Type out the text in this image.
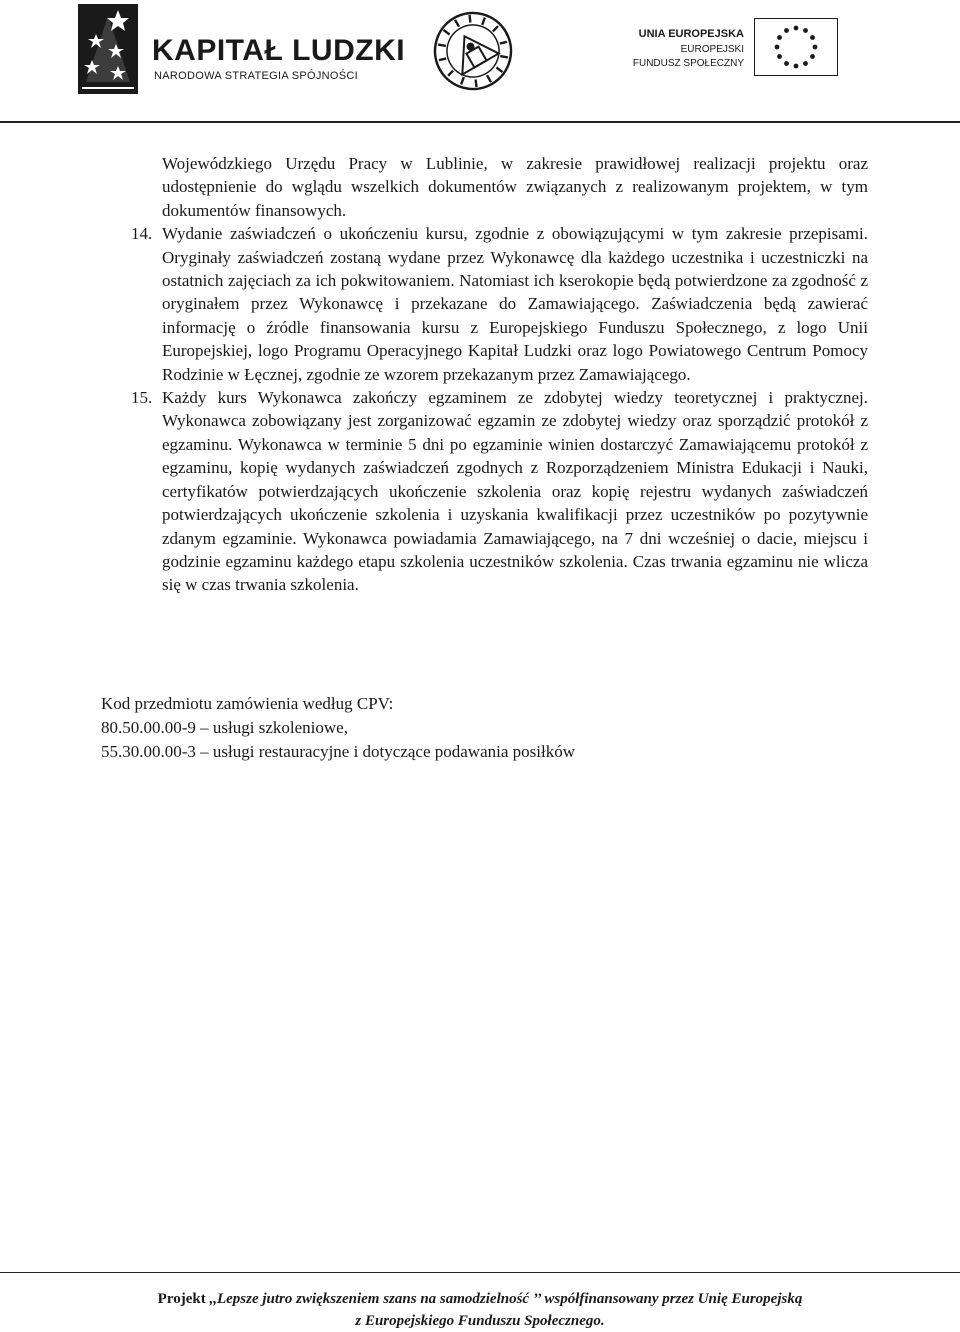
KAPITAŁ LUDZKI
NARODOWA STRATEGIA SPÓJNOŚCI
UNIA EUROPEJSKA
EUROPEJSKI
FUNDUSZ SPOŁECZNY

Wojewódzkiego Urzędu Pracy w Lublinie, w zakresie prawidłowej realizacji projektu oraz udostępnienie do wglądu wszelkich dokumentów związanych z realizowanym projektem, w tym dokumentów finansowych.

14. Wydanie zaświadczeń o ukończeniu kursu, zgodnie z obowiązującymi w tym zakresie przepisami. Oryginały zaświadczeń zostaną wydane przez Wykonawcę dla każdego uczestnika i uczestniczki na ostatnich zajęciach za ich pokwitowaniem. Natomiast ich kserokopie będą potwierdzone za zgodność z oryginałem przez Wykonawcę i przekazane do Zamawiającego. Zaświadczenia będą zawierać informację o źródle finansowania kursu z Europejskiego Funduszu Społecznego, z logo Unii Europejskiej, logo Programu Operacyjnego Kapitał Ludzki oraz logo Powiatowego Centrum Pomocy Rodzinie w Łęcznej, zgodnie ze wzorem przekazanym przez Zamawiającego.

15. Każdy kurs Wykonawca zakończy egzaminem ze zdobytej wiedzy teoretycznej i praktycznej. Wykonawca zobowiązany jest zorganizować egzamin ze zdobytej wiedzy oraz sporządzić protokół z egzaminu. Wykonawca w terminie 5 dni po egzaminie winien dostarczyć Zamawiającemu protokół z egzaminu, kopię wydanych zaświadczeń zgodnych z Rozporządzeniem Ministra Edukacji i Nauki, certyfikatów potwierdzających ukończenie szkolenia oraz kopię rejestru wydanych zaświadczeń potwierdzających ukończenie szkolenia i uzyskania kwalifikacji przez uczestników po pozytywnie zdanym egzaminie. Wykonawca powiadamia Zamawiającego, na 7 dni wcześniej o dacie, miejscu i godzinie egzaminu każdego etapu szkolenia uczestników szkolenia. Czas trwania egzaminu nie wlicza się w czas trwania szkolenia.

Kod przedmiotu zamówienia według CPV:
80.50.00.00-9 – usługi szkoleniowe,
55.30.00.00-3 – usługi restauracyjne i dotyczące podawania posiłków
Projekt ,,Lepsze jutro zwiększeniem szans na samodzielność ’’ współfinansowany przez Unię Europejską
z Europejskiego Funduszu Społecznego.
